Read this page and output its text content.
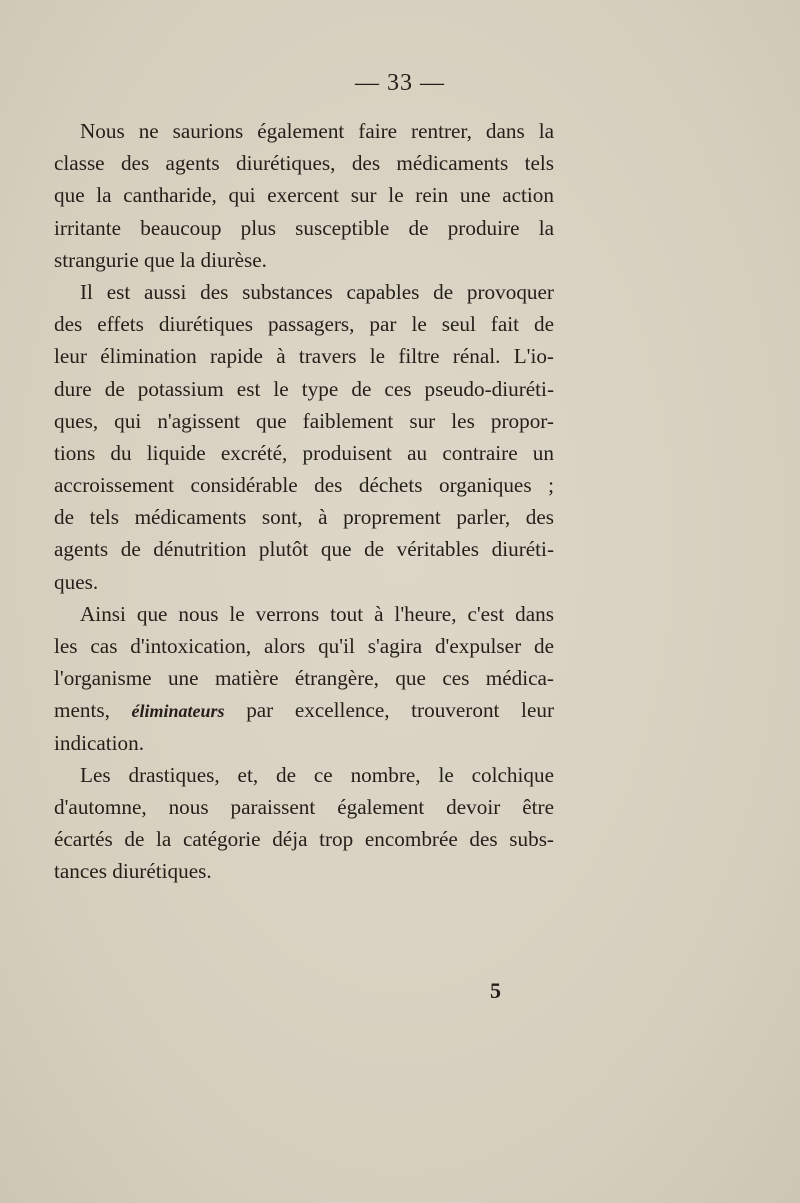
— 33 —
Nous ne saurions également faire rentrer, dans la
classe des agents diurétiques, des médicaments tels
que la cantharide, qui exercent sur le rein une action
irritante beaucoup plus susceptible de produire la
strangurie que la diurèse.
Il est aussi des substances capables de provoquer
des effets diurétiques passagers, par le seul fait de
leur élimination rapide à travers le filtre rénal. L'io-
dure de potassium est le type de ces pseudo-diuréti-
ques, qui n'agissent que faiblement sur les propor-
tions du liquide excrété, produisent au contraire un
accroissement considérable des déchets organiques ;
de tels médicaments sont, à proprement parler, des
agents de dénutrition plutôt que de véritables diuréti-
ques.
Ainsi que nous le verrons tout à l'heure, c'est dans
les cas d'intoxication, alors qu'il s'agira d'expulser de
l'organisme une matière étrangère, que ces médica-
ments, éliminateurs par excellence, trouveront leur
indication.
Les drastiques, et, de ce nombre, le colchique
d'automne, nous paraissent également devoir être
écartés de la catégorie déja trop encombrée des subs-
tances diurétiques.
5
